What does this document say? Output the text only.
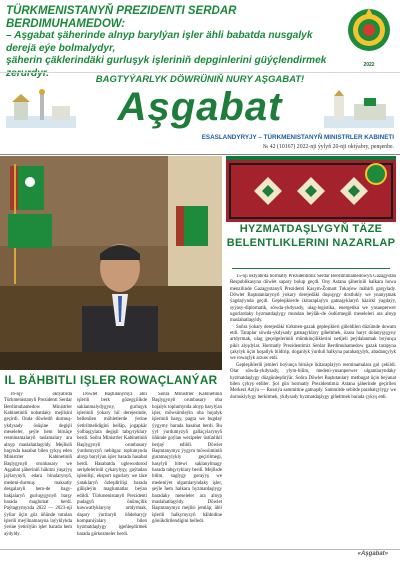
TÜRKMENISTANYŇ PREZIDENTI SERDAR BERDIMUHAMEDOW:
– Aşgabat şäherinde alnyp barylýan işler ähli babatda nusgalyk derejä eýe bolmalydyr,
şäherin çäklerindäki gurluşyk işleriniň depginlerini güýçlendirmek zerurdyr.
2022
BAGTYÝARLYK DÖWRÜNIŇ NURY AŞGABAT!
Aşgabat
ESASLANDYRYJY – TÜRKMENISTANYŇ MINISTRLER KABINETI
№ 42 (10167) 2022-nji ýylyň 20-nji oktýabry, penşenbe.
HYZMATDAŞLYGYŇ TÄZE BELENTLIKLERINI NAZARLAP

15-nji oktýabrda hormatly Prezidentimiz Serdar Berdimuhamedowyň Gazagystan Respublikasyna döwlet sapary bolup geçdi. Ony Astana şäheriniň halkara howa menzilinde Gazagystanyň Prezidenti Kasym-Žomart Tokaýew mähirli garşylady. Döwlet Baştutanlarynyň ýokary derejedäki duşuşygy dostlukly we ynanyşmak ýagdaýynda geçdi. Gepleşiklerde ikitaraplaýyn gatnaşyklaryň häzirki ýagdaýy, syýasy-diplomatik, söwda-ykdysady, ulag-logistika, energetika we ynsanperwer ugurlardaky hyzmatdaşlygy mundan beýläk-de ösdürmegiň meseleleri ara alnyp maslahatlaşyldy.

Soňra ýokary derejedäki türkmen-gazak gepleşikleri giňeldilen düzümde dowam etdi. Taraplar söwda-ykdysady gatnaşyklary giňeltmek, özara haryt dolanyşygyny artdyrmak, ulag geçelgeleriniň mümkinçiliklerini netijeli peýdalanmak boýunça pikir alyşdylar. Hormatly Prezidentimiz Serdar Berdimuhamedow gazak tarapyna çakylyk üçin hoşallyk bildirip, doganlyk ýurduň halkyna parahatçylyk, abadançylyk we rowaçlyk arzuw etdi.

Gepleşikleriň jemleri boýunça birnäçe ikitaraplaýyn resminamalara gol çekildi. Olar söwda-ykdysady, ylym-bilim, medeni-ynsanperwer ulgamlaryndaky hyzmatdaşlygy düzgünleşdirýär. Soňra Döwlet Baştutanlary metbugat üçin beýanat bilen çykyş etdiler. Şol gün hormatly Prezidentimiz Astana şäherinde geçirilen Merkezi Aziýa — Russiýa sammitine gatnaşdy. Sammitde sebitde parahatçylygy we durnuklylygy berkitmek, ykdysady hyzmatdaşlygy giňeltmek barada çykyş etdi.

IL BÄHBITLI IŞLER ROWAÇLANÝAR

16-njy oktýabrda Türkmenistanyň Prezidenti Serdar Berdimuhamedow Ministrler Kabinetiniň nobatdaky mejlisini geçirdi. Onda döwletiň durmuş-ykdysady ösüşine degişli meseleler, şeýle hem birnäçe resminamalaryň taslamalary ara alnyp maslahatlaşyldy. Mejlisiň başynda hasabat bilen çykyş eden Ministrler Kabinetiniň Başlygynyň orunbasary we Aşgabat şäheriniň häkimi ýaşaýyş jaýlarynyň, edara binalarynyň, medeni-durmuş maksatly desgalaryň hem-de bagy-bakjalaryň gurluşygynyň barşy barada maglumat berdi. Paýtagtymyzda 2022 — 2023-nji ýyllar üçin göz öňünde tutulan işleriň meýilnamasyna laýyklykda ýerine ýetirilýän işler barada hem aýdyldy.

Döwlet Baştutanymyz ähli işleriň berk gözegçilikde saklanmalydygyny, gurluşyk işleriniň ýokary hil derejesinde, bellenilen möhletlerde ýerine ýetirilmelidigini belläp, jogapkär ýolbaşçylara degişli tabşyryklary berdi. Soňra Ministrler Kabinetiniň Başlygynyň orunbasary ýurdumyzyň nebitgaz toplumynda alnyp barylýan işler barada hasabat berdi. Hasabatda uglewodorod serişdeleriniň çykarylyşy, gaýtadan işlenilişi, eksport ugurlary we täze ýataklaryň özleşdirilişi barada giňişleýin maglumatlar beýan edildi. Türkmenistanyň Prezidenti pudagyň önümçilik kuwwatlyklaryny artdyrmak, daşary ýurtlaryň öňdebaryjy kompaniýalary bilen hyzmatdaşlygy işjeňleşdirmek barada görkezmeler berdi.

Soňra Ministrler Kabinetiniň Başlygynyň orunbasary oba hojalyk toplumynda alnyp barylýan işler, möwsümleýin oba hojalyk işleriniň barşy, pagta we bugdaý ýygymy barada hasabat berdi. Bu ýyl ýurdumyzyň gallaçylarynyň öňünde goýlan wezipeler üstünlikli berjaý edildi. Döwlet Baştutanymyz ýygym möwsüminiň guramaçylykly geçirilmegi, hasylyň bitewi saklanylmagy barada tabşyryklary berdi. Mejlisde bilim, saglygy goraýyş we medeniýet ulgamlaryndaky işler, şeýle hem halkara hyzmatdaşlygy baradaky meseleler ara alnyp maslahatlaşyldy. Döwlet Baştutanymyz mejlisi jemläp, ähli işleriň halkymyzyň bähbidine gönükdirilendigini belledi.

«Aşgabat»
